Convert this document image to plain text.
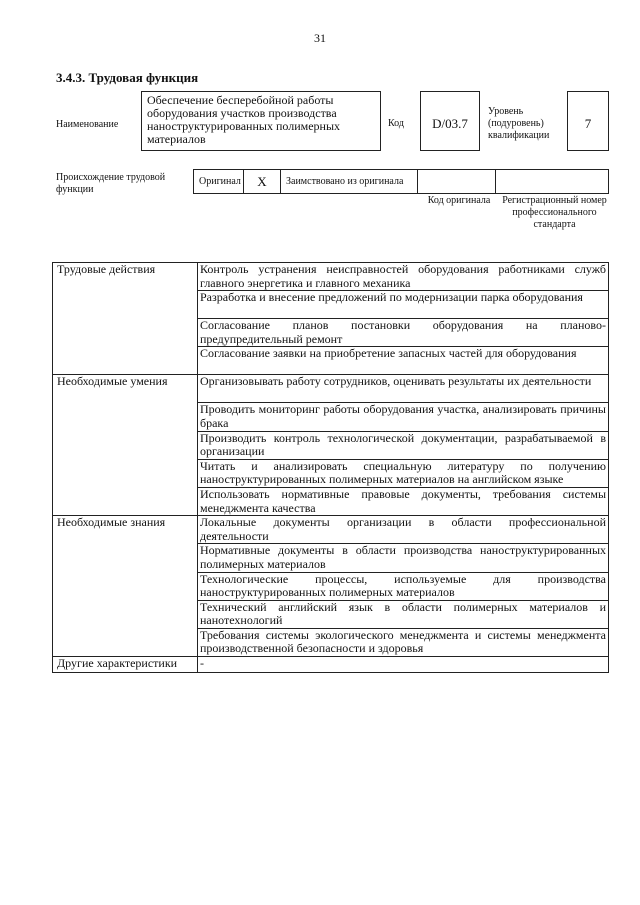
31
3.4.3. Трудовая функция
Наименование
Обеспечение бесперебойной работы оборудования участков производства наноструктурированных полимерных материалов
Код	D/03.7
Уровень (подуровень) квалификации
7
Происхождение трудовой функции
Оригинал	X	Заимствовано из оригинала
Код оригинала	Регистрационный номер профессионального стандарта
Трудовые действия	Контроль устранения неисправностей оборудования работниками служб главного энергетика и главного механика
	Разработка и внесение предложений по модернизации парка оборудования
	Согласование планов постановки оборудования на планово-предупредительный ремонт
	Согласование заявки на приобретение запасных частей для оборудования
Необходимые умения	Организовывать работу сотрудников, оценивать результаты их деятельности
	Проводить мониторинг работы оборудования участка, анализировать причины брака
	Производить контроль технологической документации, разрабатываемой в организации
	Читать и анализировать специальную литературу по получению наноструктурированных полимерных материалов на английском языке
	Использовать нормативные правовые документы, требования системы менеджмента качества
Необходимые знания	Локальные документы организации в области профессиональной деятельности
	Нормативные документы в области производства наноструктурированных полимерных материалов
	Технологические процессы, используемые для производства наноструктурированных полимерных материалов
	Технический английский язык в области полимерных материалов и нанотехнологий
	Требования системы экологического менеджмента и системы менеджмента производственной безопасности и здоровья
Другие характеристики	-
